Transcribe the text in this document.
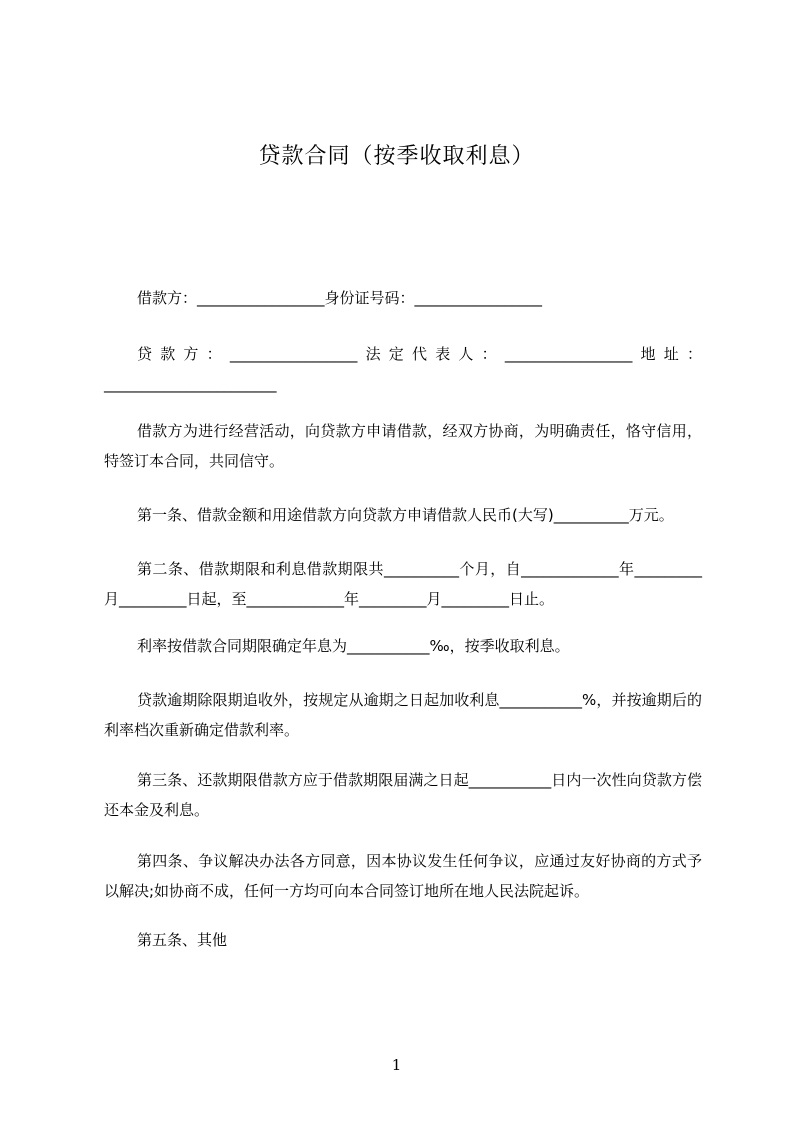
贷款合同（按季收取利息）

借款方：_________________身份证号码：_________________

贷款方：_________________法定代表人：_________________地址：_______________________

借款方为进行经营活动，向贷款方申请借款，经双方协商，为明确责任，恪守信用，特签订本合同，共同信守。

第一条、借款金额和用途借款方向贷款方申请借款人民币(大写)__________万元。

第二条、借款期限和利息借款期限共__________个月，自_____________年_________月_________日起，至_____________年_________月_________日止。

利率按借款合同期限确定年息为___________‰，按季收取利息。

贷款逾期除限期追收外，按规定从逾期之日起加收利息___________%，并按逾期后的利率档次重新确定借款利率。

第三条、还款期限借款方应于借款期限届满之日起___________日内一次性向贷款方偿还本金及利息。

第四条、争议解决办法各方同意，因本协议发生任何争议，应通过友好协商的方式予以解决;如协商不成，任何一方均可向本合同签订地所在地人民法院起诉。

第五条、其他

1
